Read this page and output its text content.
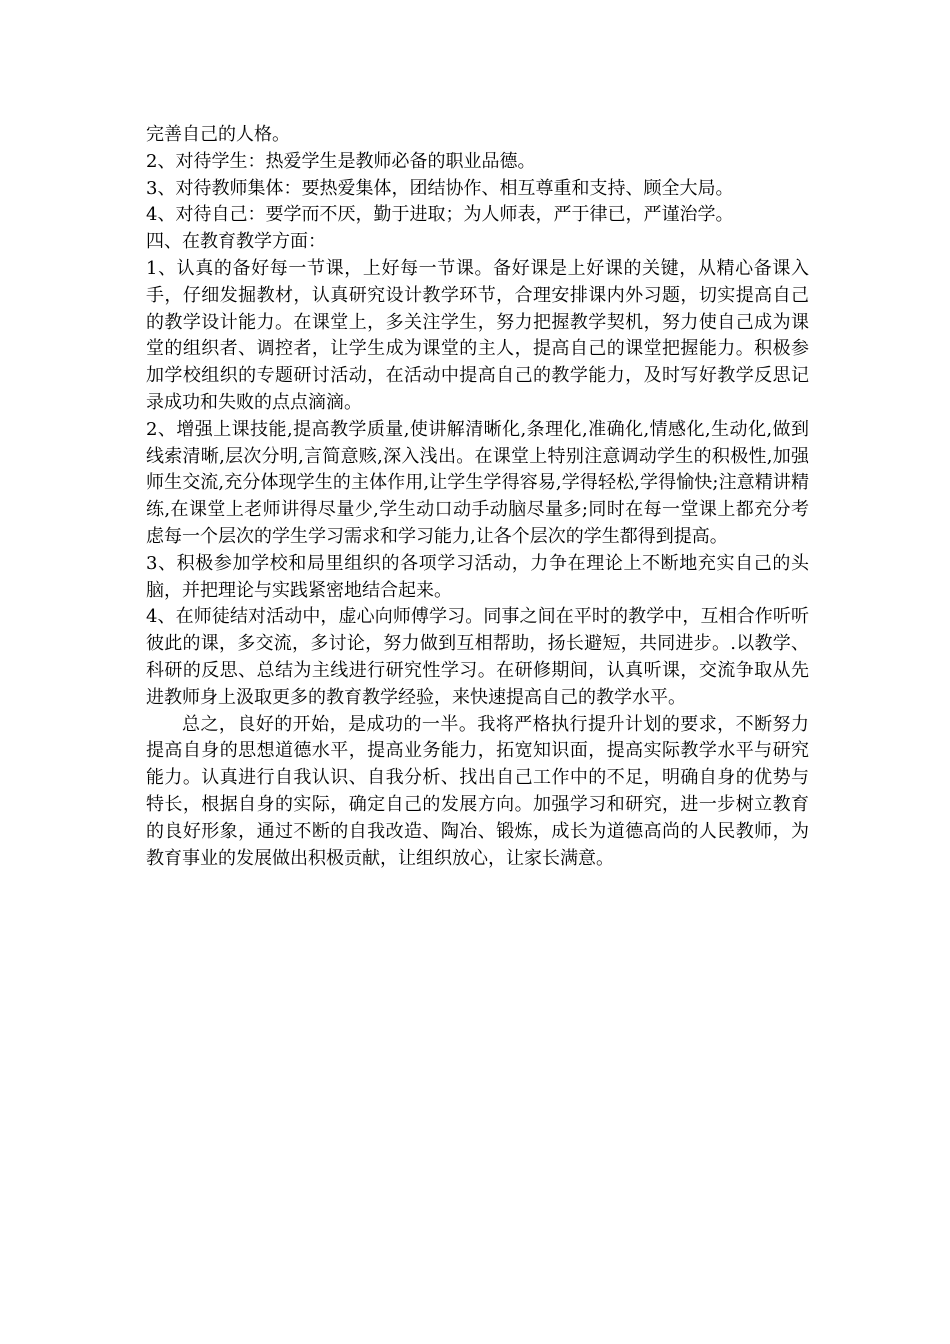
完善自己的人格。

2、对待学生：热爱学生是教师必备的职业品德。

3、对待教师集体：要热爱集体，团结协作、相互尊重和支持、顾全大局。

4、对待自己：要学而不厌，勤于进取；为人师表，严于律已，严谨治学。

四、在教育教学方面：

1、认真的备好每一节课，上好每一节课。备好课是上好课的关键，从精心备课入手，仔细发掘教材，认真研究设计教学环节，合理安排课内外习题，切实提高自己的教学设计能力。在课堂上，多关注学生，努力把握教学契机，努力使自己成为课堂的组织者、调控者，让学生成为课堂的主人，提高自己的课堂把握能力。积极参加学校组织的专题研讨活动，在活动中提高自己的教学能力，及时写好教学反思记录成功和失败的点点滴滴。

2、增强上课技能,提高教学质量,使讲解清晰化,条理化,准确化,情感化,生动化,做到线索清晰,层次分明,言简意赅,深入浅出。在课堂上特别注意调动学生的积极性,加强师生交流,充分体现学生的主体作用,让学生学得容易,学得轻松,学得愉快;注意精讲精练,在课堂上老师讲得尽量少,学生动口动手动脑尽量多;同时在每一堂课上都充分考虑每一个层次的学生学习需求和学习能力,让各个层次的学生都得到提高。

3、积极参加学校和局里组织的各项学习活动，力争在理论上不断地充实自己的头脑，并把理论与实践紧密地结合起来。

4、在师徒结对活动中，虚心向师傅学习。同事之间在平时的教学中，互相合作听听彼此的课，多交流，多讨论，努力做到互相帮助，扬长避短，共同进步。.以教学、科研的反思、总结为主线进行研究性学习。在研修期间，认真听课，交流争取从先进教师身上汲取更多的教育教学经验，来快速提高自己的教学水平。

总之，良好的开始，是成功的一半。我将严格执行提升计划的要求，不断努力提高自身的思想道德水平，提高业务能力，拓宽知识面，提高实际教学水平与研究能力。认真进行自我认识、自我分析、找出自己工作中的不足，明确自身的优势与特长，根据自身的实际，确定自己的发展方向。加强学习和研究，进一步树立教育的良好形象，通过不断的自我改造、陶冶、锻炼，成长为道德高尚的人民教师，为教育事业的发展做出积极贡献，让组织放心，让家长满意。
